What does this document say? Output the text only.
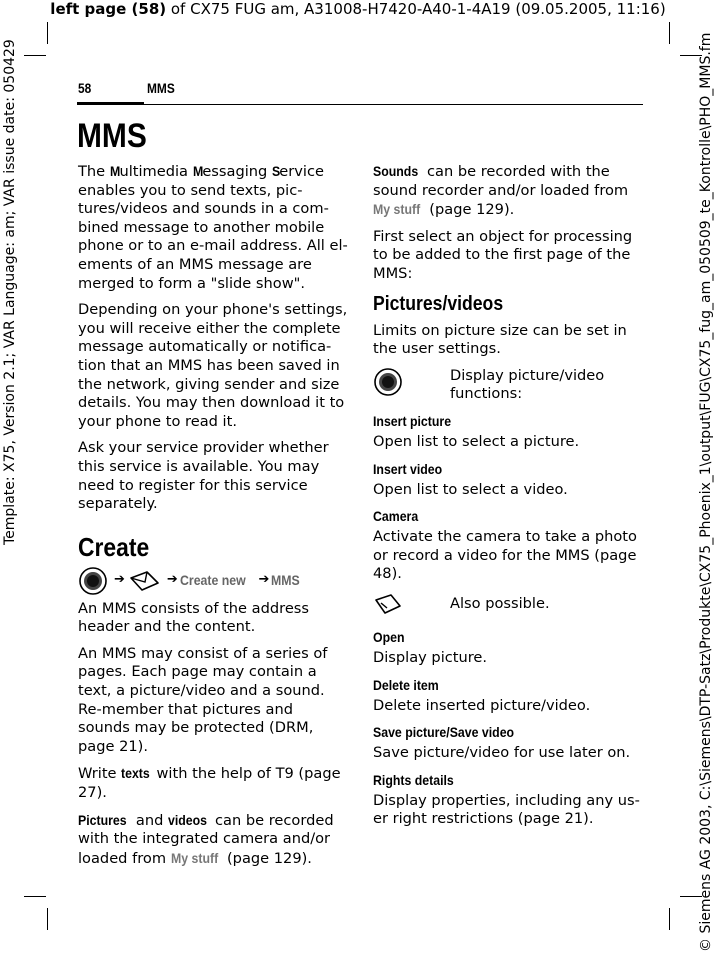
left page (58) of CX75 FUG am, A31008-H7420-A40-1-4A19 (09.05.2005, 11:16)
Template: X75, Version 2.1; VAR Language: am; VAR issue date: 050429	© Siemens AG 2003, C:\Siemens\DTP-Satz\Produkte\CX75_Phoenix_1\output\FUG\CX75_fug_am_050509_te_Kontrolle\PHO_MMS.fm
58	MMS
MMS

The Multimedia Messaging Service enables you to send texts, pic-tures/videos and sounds in a com-bined message to another mobile phone or to an e-mail address. All el-ements of an MMS message are merged to form a "slide show".

Depending on your phone's settings, you will receive either the complete message automatically or notifica-tion that an MMS has been saved in the network, giving sender and size details. You may then download it to your phone to read it.

Ask your service provider whether this service is available. You may need to register for this service separately.

Create
➔	➔ Create new ➔ MMS

An MMS consists of the address header and the content.

An MMS may consist of a series of pages. Each page may contain a text, a picture/video and a sound. Re-member that pictures and sounds may be protected (DRM, page 21).

Write texts with the help of T9 (page 27).

Pictures and videos can be recorded with the integrated camera and/or loaded from My stuff (page 129).

Sounds can be recorded with the sound recorder and/or loaded from My stuff (page 129).

First select an object for processing to be added to the first page of the MMS:

Pictures/videos

Limits on picture size can be set in the user settings.

Display picture/video functions:
Insert picture

Open list to select a picture.

Insert video

Open list to select a video.

Camera

Activate the camera to take a photo or record a video for the MMS (page 48).

Also possible.
Open

Display picture.

Delete item

Delete inserted picture/video.

Save picture/Save video

Save picture/video for use later on.

Rights details

Display properties, including any us-er right restrictions (page 21).
